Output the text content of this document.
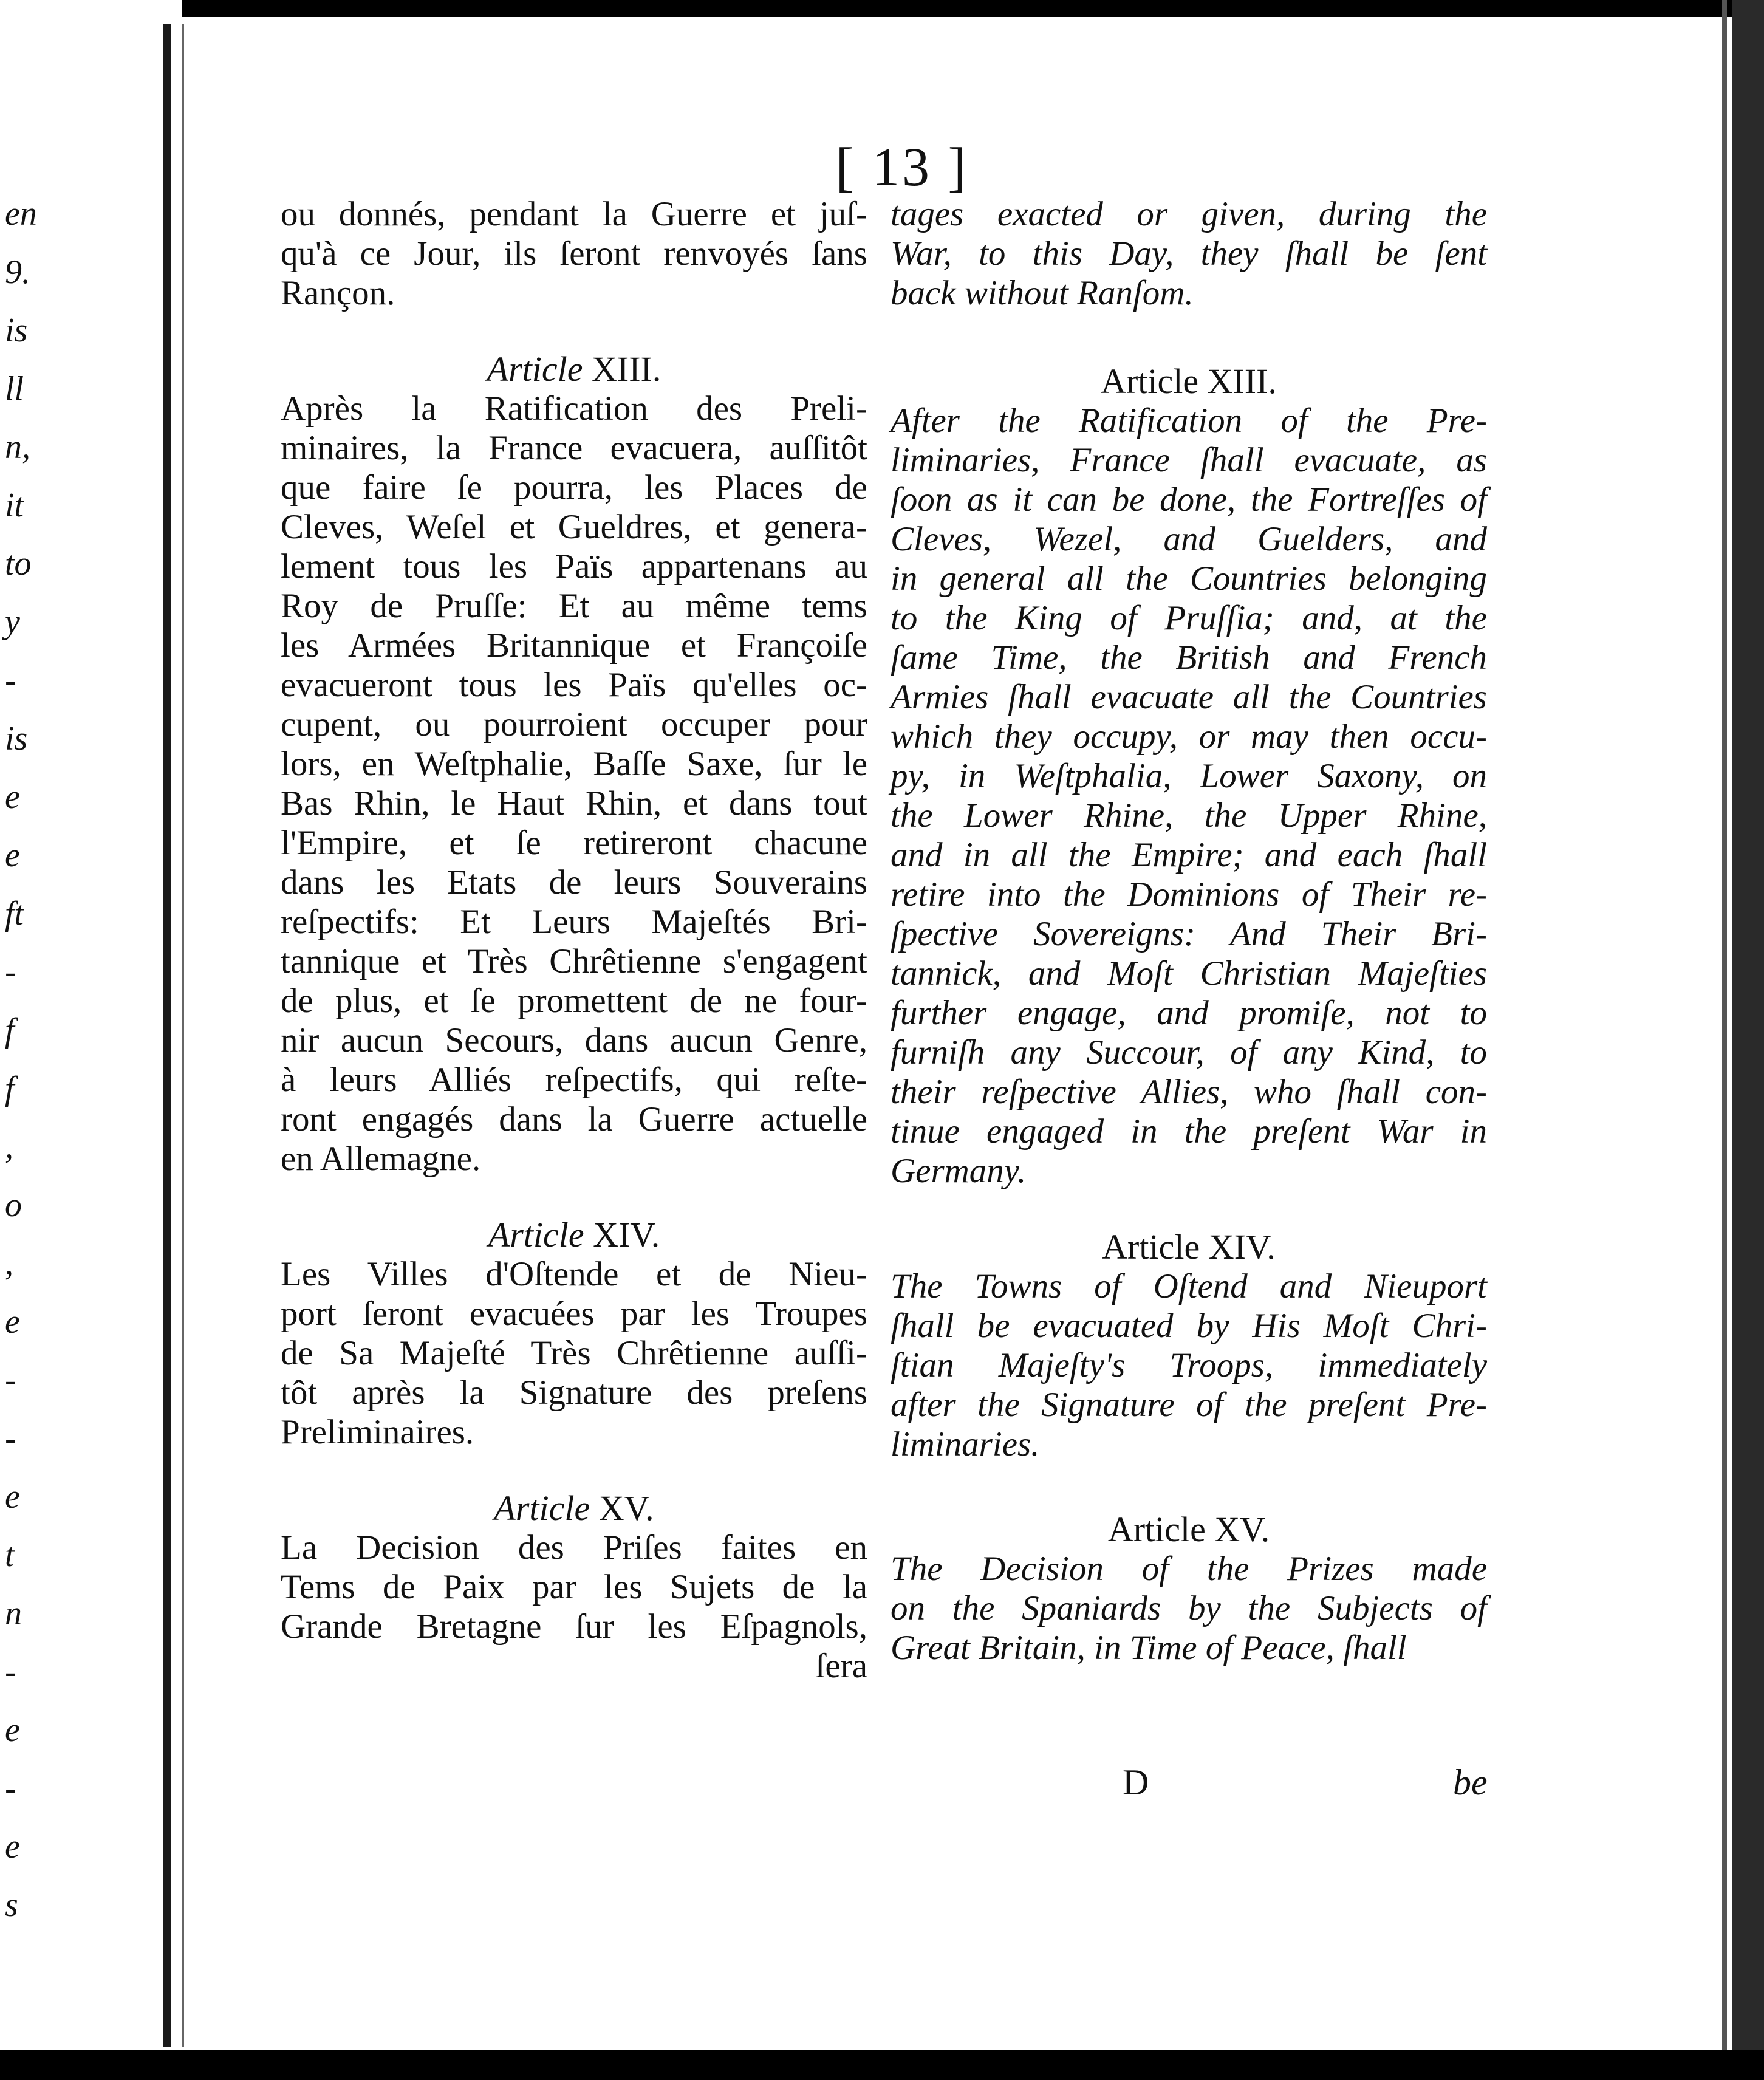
en
9.
is
ll
n,
it
to
y
-
is
e
e
ft
-
f
f
,
o
,
e
-
-
e
t
n
-
e
-
e
s
[ 13 ]
ou donnés, pendant la Guerre et juſ-
qu'à ce Jour, ils ſeront renvoyés ſans
Rançon.
Article XIII.
Après la Ratification des Preli-
minaires, la France evacuera, auſſitôt
que faire ſe pourra, les Places de
Cleves, Weſel et Gueldres, et genera-
lement tous les Païs appartenans au
Roy de Pruſſe: Et au même tems
les Armées Britannique et Françoiſe
evacueront tous les Païs qu'elles oc-
cupent, ou pourroient occuper pour
lors, en Weſtphalie, Baſſe Saxe, ſur le
Bas Rhin, le Haut Rhin, et dans tout
l'Empire, et ſe retireront chacune
dans les Etats de leurs Souverains
reſpectifs: Et Leurs Majeſtés Bri-
tannique et Très Chrêtienne s'engagent
de plus, et ſe promettent de ne four-
nir aucun Secours, dans aucun Genre,
à leurs Alliés reſpectifs, qui reſte-
ront engagés dans la Guerre actuelle
en Allemagne.
Article XIV.
Les Villes d'Oſtende et de Nieu-
port ſeront evacuées par les Troupes
de Sa Majeſté Très Chrêtienne auſſi-
tôt après la Signature des preſens
Preliminaires.
Article XV.
La Decision des Priſes faites en
Tems de Paix par les Sujets de la
Grande Bretagne ſur les Eſpagnols,
ſera
tages exacted or given, during the
War, to this Day, they ſhall be ſent
back without Ranſom.
Article XIII.
After the Ratification of the Pre-
liminaries, France ſhall evacuate, as
ſoon as it can be done, the Fortreſſes of
Cleves, Wezel, and Guelders, and
in general all the Countries belonging
to the King of Pruſſia; and, at the
ſame Time, the British and French
Armies ſhall evacuate all the Countries
which they occupy, or may then occu-
py, in Weſtphalia, Lower Saxony, on
the Lower Rhine, the Upper Rhine,
and in all the Empire; and each ſhall
retire into the Dominions of Their re-
ſpective Sovereigns: And Their Bri-
tannick, and Moſt Christian Majeſties
further engage, and promiſe, not to
furniſh any Succour, of any Kind, to
their reſpective Allies, who ſhall con-
tinue engaged in the preſent War in
Germany.
Article XIV.
The Towns of Oſtend and Nieuport
ſhall be evacuated by His Moſt Chri-
ſtian Majeſty's Troops, immediately
after the Signature of the preſent Pre-
liminaries.
Article XV.
The Decision of the Prizes made
on the Spaniards by the Subjects of
Great Britain, in Time of Peace, ſhall
D	be
